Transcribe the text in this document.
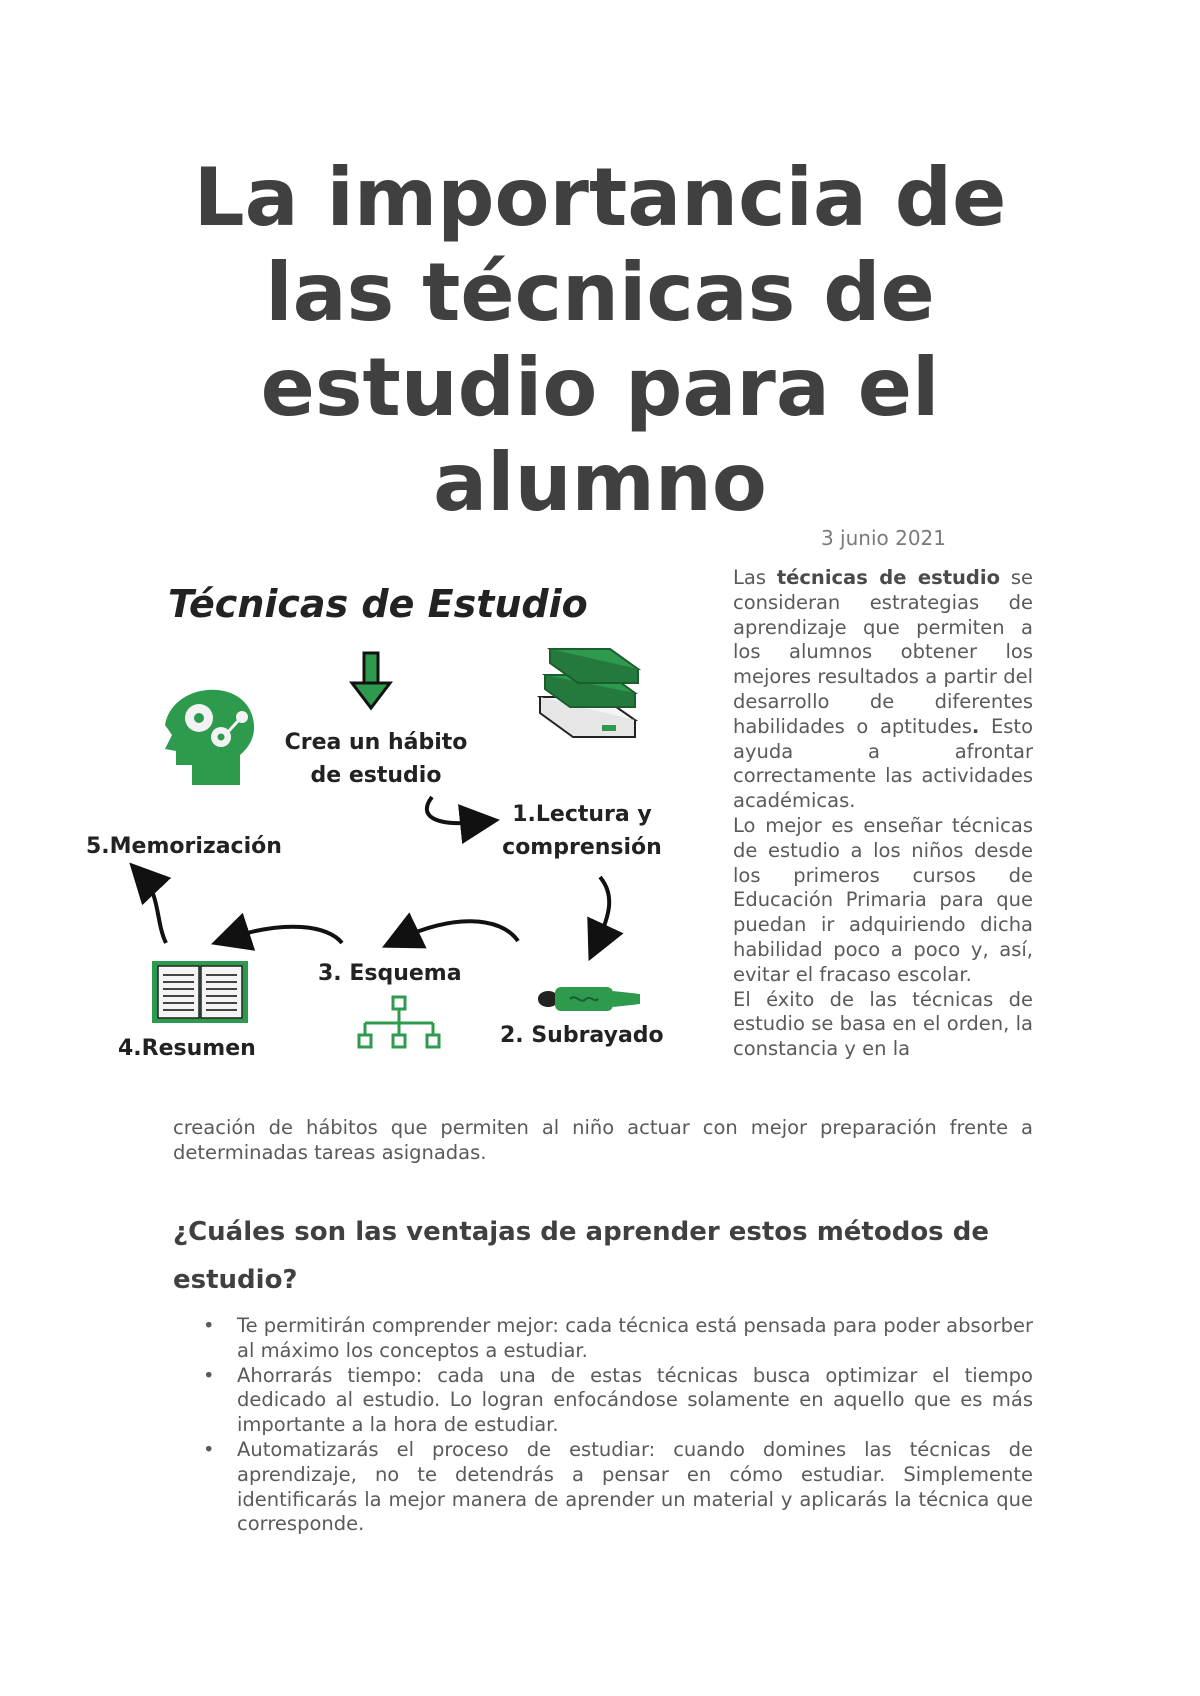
La importancia de las técnicas de estudio para el alumno
3 junio 2021
Técnicas de Estudio
Crea un hábito
de estudio
1.Lectura y
comprensión
5.Memorización
2. Subrayado
3. Esquema
4.Resumen

Las técnicas de estudio se consideran estrategias de aprendizaje que permiten a los alumnos obtener los mejores resultados a partir del desarrollo de diferentes habilidades o aptitudes. Esto ayuda a afrontar correctamente las actividades académicas.

Lo mejor es enseñar técnicas de estudio a los niños desde los primeros cursos de Educación Primaria para que puedan ir adquiriendo dicha habilidad poco a poco y, así, evitar el fracaso escolar.

El éxito de las técnicas de estudio se basa en el orden, la constancia y en la

creación de hábitos que permiten al niño actuar con mejor preparación frente a determinadas tareas asignadas.
¿Cuáles son las ventajas de aprender estos métodos de estudio?
• Te permitirán comprender mejor: cada técnica está pensada para poder absorber al máximo los conceptos a estudiar.
• Ahorrarás tiempo: cada una de estas técnicas busca optimizar el tiempo dedicado al estudio. Lo logran enfocándose solamente en aquello que es más importante a la hora de estudiar.
• Automatizarás el proceso de estudiar: cuando domines las técnicas de aprendizaje, no te detendrás a pensar en cómo estudiar. Simplemente identificarás la mejor manera de aprender un material y aplicarás la técnica que corresponde.
